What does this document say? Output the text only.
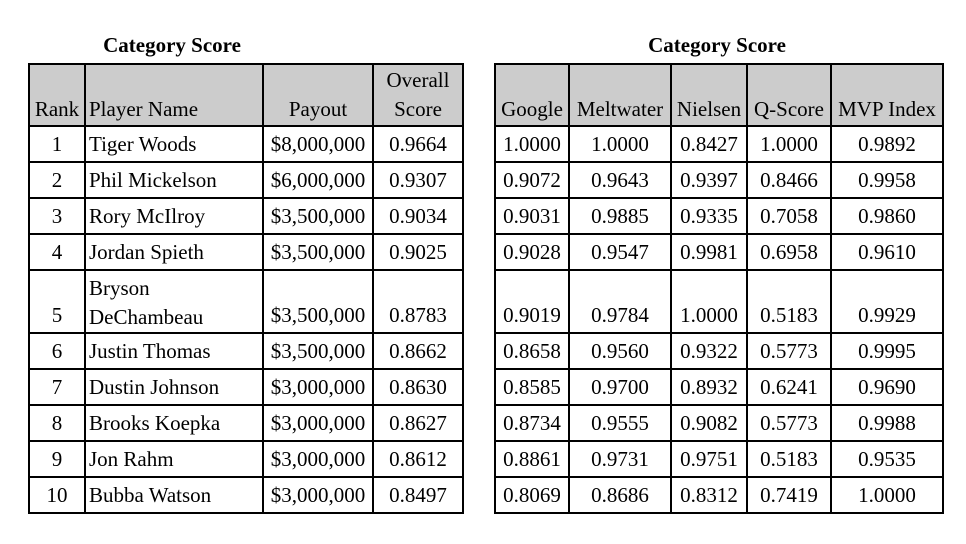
Category Score	Category Score
Rank	Player Name	Payout	Overall Score
1	Tiger Woods	$8,000,000	0.9664
2	Phil Mickelson	$6,000,000	0.9307
3	Rory McIlroy	$3,500,000	0.9034
4	Jordan Spieth	$3,500,000	0.9025
5	Bryson DeChambeau	$3,500,000	0.8783
6	Justin Thomas	$3,500,000	0.8662
7	Dustin Johnson	$3,000,000	0.8630
8	Brooks Koepka	$3,000,000	0.8627
9	Jon Rahm	$3,000,000	0.8612
10	Bubba Watson	$3,000,000	0.8497
Google	Meltwater	Nielsen	Q-Score	MVP Index
1.0000	1.0000	0.8427	1.0000	0.9892
0.9072	0.9643	0.9397	0.8466	0.9958
0.9031	0.9885	0.9335	0.7058	0.9860
0.9028	0.9547	0.9981	0.6958	0.9610
0.9019	0.9784	1.0000	0.5183	0.9929
0.8658	0.9560	0.9322	0.5773	0.9995
0.8585	0.9700	0.8932	0.6241	0.9690
0.8734	0.9555	0.9082	0.5773	0.9988
0.8861	0.9731	0.9751	0.5183	0.9535
0.8069	0.8686	0.8312	0.7419	1.0000
